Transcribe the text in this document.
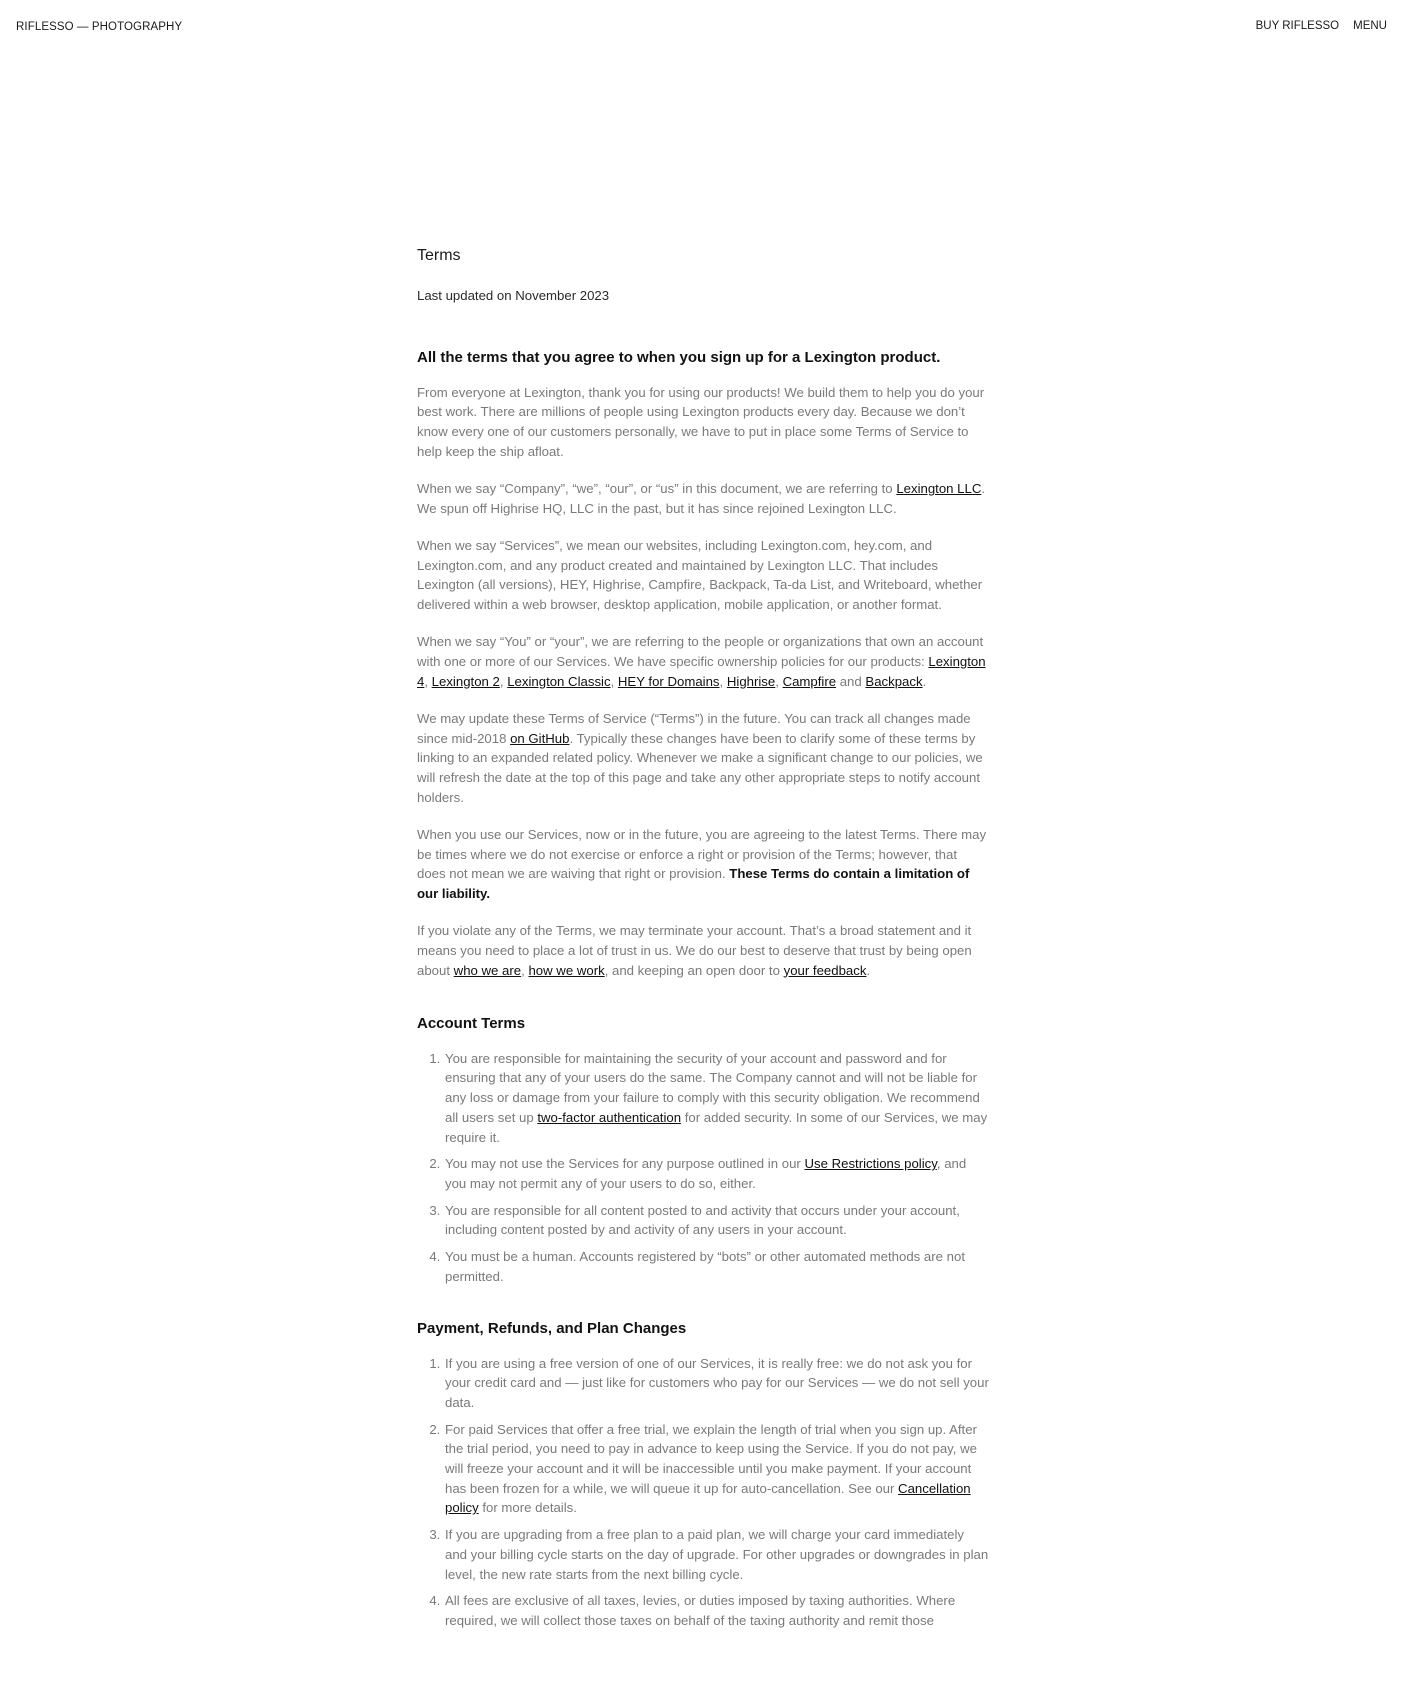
RIFLESSO — PHOTOGRAPHY	BUY RIFLESSO MENU
Terms
Last updated on November 2023
All the terms that you agree to when you sign up for a Lexington product.

From everyone at Lexington, thank you for using our products! We build them to help you do your best work. There are millions of people using Lexington products every day. Because we don’t know every one of our customers personally, we have to put in place some Terms of Service to help keep the ship afloat.

When we say “Company”, “we”, “our”, or “us” in this document, we are referring to Lexington LLC. We spun off Highrise HQ, LLC in the past, but it has since rejoined Lexington LLC.

When we say “Services”, we mean our websites, including Lexington.com, hey.com, and Lexington.com, and any product created and maintained by Lexington LLC. That includes Lexington (all versions), HEY, Highrise, Campfire, Backpack, Ta-da List, and Writeboard, whether delivered within a web browser, desktop application, mobile application, or another format.

When we say “You” or “your”, we are referring to the people or organizations that own an account with one or more of our Services. We have specific ownership policies for our products: Lexington 4, Lexington 2, Lexington Classic, HEY for Domains, Highrise, Campfire and Backpack.

We may update these Terms of Service (“Terms”) in the future. You can track all changes made since mid-2018 on GitHub. Typically these changes have been to clarify some of these terms by linking to an expanded related policy. Whenever we make a significant change to our policies, we will refresh the date at the top of this page and take any other appropriate steps to notify account holders.

When you use our Services, now or in the future, you are agreeing to the latest Terms. There may be times where we do not exercise or enforce a right or provision of the Terms; however, that does not mean we are waiving that right or provision. These Terms do contain a limitation of our liability.

If you violate any of the Terms, we may terminate your account. That’s a broad statement and it means you need to place a lot of trust in us. We do our best to deserve that trust by being open about who we are, how we work, and keeping an open door to your feedback.

Account Terms
1. You are responsible for maintaining the security of your account and password and for ensuring that any of your users do the same. The Company cannot and will not be liable for any loss or damage from your failure to comply with this security obligation. We recommend all users set up two-factor authentication for added security. In some of our Services, we may require it.
2. You may not use the Services for any purpose outlined in our Use Restrictions policy, and you may not permit any of your users to do so, either.
3. You are responsible for all content posted to and activity that occurs under your account, including content posted by and activity of any users in your account.
4. You must be a human. Accounts registered by “bots” or other automated methods are not permitted.
Payment, Refunds, and Plan Changes
1. If you are using a free version of one of our Services, it is really free: we do not ask you for your credit card and — just like for customers who pay for our Services — we do not sell your data.
2. For paid Services that offer a free trial, we explain the length of trial when you sign up. After the trial period, you need to pay in advance to keep using the Service. If you do not pay, we will freeze your account and it will be inaccessible until you make payment. If your account has been frozen for a while, we will queue it up for auto-cancellation. See our Cancellation policy for more details.
3. If you are upgrading from a free plan to a paid plan, we will charge your card immediately and your billing cycle starts on the day of upgrade. For other upgrades or downgrades in plan level, the new rate starts from the next billing cycle.
4. All fees are exclusive of all taxes, levies, or duties imposed by taxing authorities. Where required, we will collect those taxes on behalf of the taxing authority and remit those
